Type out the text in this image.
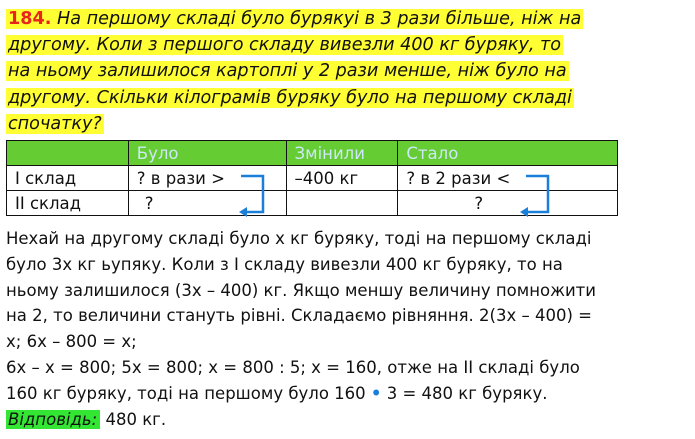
184. На першому складі було бурякуі в 3 рази більше, ніж на
другому. Коли з першого складу вивезли 400 кг буряку, то
на ньому залишилося картоплі у 2 рази менше, ніж було на
другому. Скільки кілограмів буряку було на першому складі
спочатку?
	Було	Змінили	Стало
I склад	? в рази >	–400 кг	? в 2 рази <

II склад	?		?
Нехай на другому складі було х кг буряку, тоді на першому складі
було 3х кг ьупяку. Коли з І складу вивезли 400 кг буряку, то на
ньому залишилося (3х – 400) кг. Якщо меншу величину помножити
на 2, то величини стануть рівні. Складаємо рівняння. 2(3х – 400) =
х; 6х – 800 = х;
6х – х = 800; 5х = 800; х = 800 : 5; х = 160, отже на ІІ складі було
160 кг буряку, тоді на першому було 160 • 3 = 480 кг буряку.
Відповідь: 480 кг.
